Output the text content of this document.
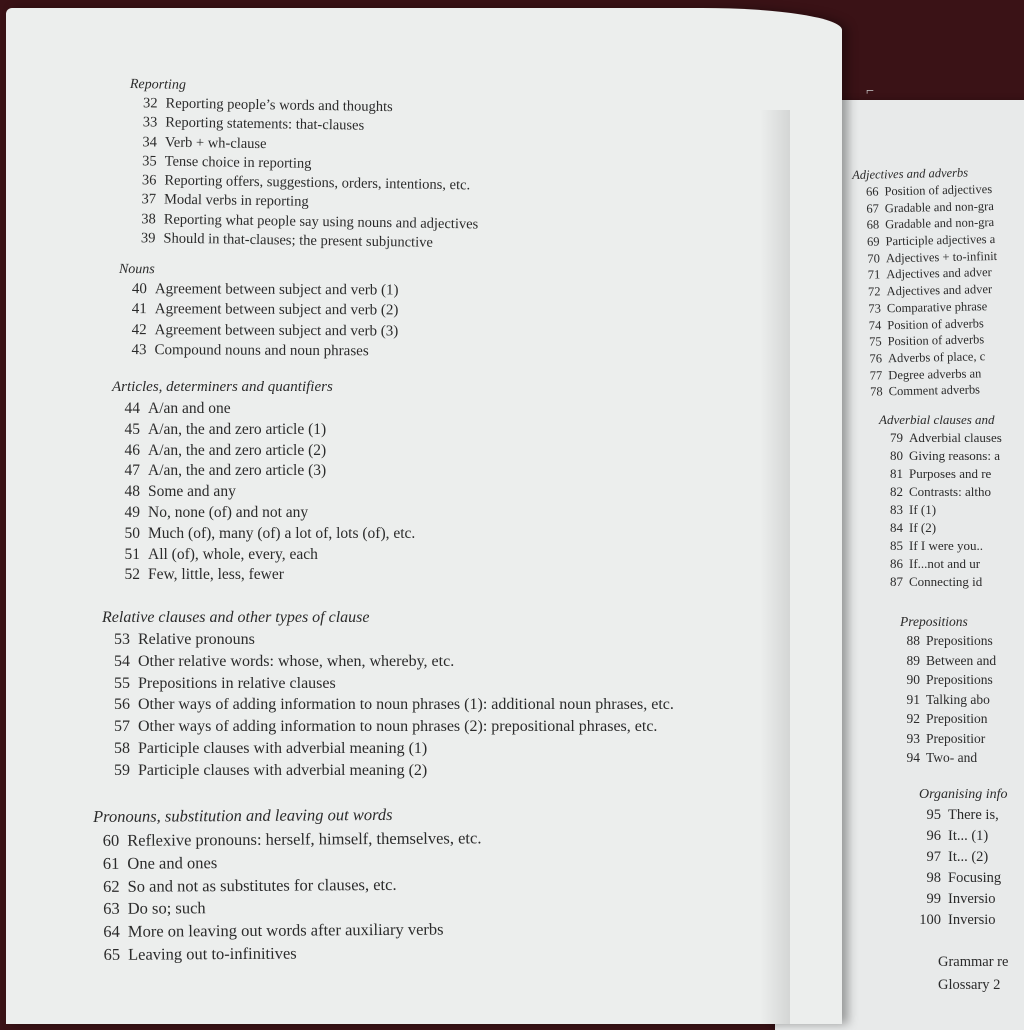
⌐
Reporting
32 Reporting people’s words and thoughts
33 Reporting statements: that-clauses
34 Verb + wh-clause
35 Tense choice in reporting
36 Reporting offers, suggestions, orders, intentions, etc.
37 Modal verbs in reporting
38 Reporting what people say using nouns and adjectives
39 Should in that-clauses; the present subjunctive
Nouns
40 Agreement between subject and verb (1)
41 Agreement between subject and verb (2)
42 Agreement between subject and verb (3)
43 Compound nouns and noun phrases
Articles, determiners and quantifiers
44 A/an and one
45 A/an, the and zero article (1)
46 A/an, the and zero article (2)
47 A/an, the and zero article (3)
48 Some and any
49 No, none (of) and not any
50 Much (of), many (of) a lot of, lots (of), etc.
51 All (of), whole, every, each
52 Few, little, less, fewer
Relative clauses and other types of clause
53 Relative pronouns
54 Other relative words: whose, when, whereby, etc.
55 Prepositions in relative clauses
56 Other ways of adding information to noun phrases (1): additional noun phrases, etc.
57 Other ways of adding information to noun phrases (2): prepositional phrases, etc.
58 Participle clauses with adverbial meaning (1)
59 Participle clauses with adverbial meaning (2)
Pronouns, substitution and leaving out words
60 Reflexive pronouns: herself, himself, themselves, etc.
61 One and ones
62 So and not as substitutes for clauses, etc.
63 Do so; such
64 More on leaving out words after auxiliary verbs
65 Leaving out to-infinitives
Adjectives and adverbs
66 Position of adjectives
67 Gradable and non-gra
68 Gradable and non-gra
69 Participle adjectives a
70 Adjectives + to-infinit
71 Adjectives and adver
72 Adjectives and adver
73 Comparative phrase
74 Position of adverbs
75 Position of adverbs
76 Adverbs of place, c
77 Degree adverbs an
78 Comment adverbs
Adverbial clauses and
79 Adverbial clauses
80 Giving reasons: a
81 Purposes and re
82 Contrasts: altho
83 If (1)
84 If (2)
85 If I were you..
86 If...not and ur
87 Connecting id
Prepositions
88 Prepositions
89 Between and
90 Prepositions
91 Talking abo
92 Preposition
93 Prepositior
94 Two- and
Organising info
95 There is,
96 It... (1)
97 It... (2)
98 Focusing
99 Inversio
100 Inversio
Grammar re
Glossary 2
